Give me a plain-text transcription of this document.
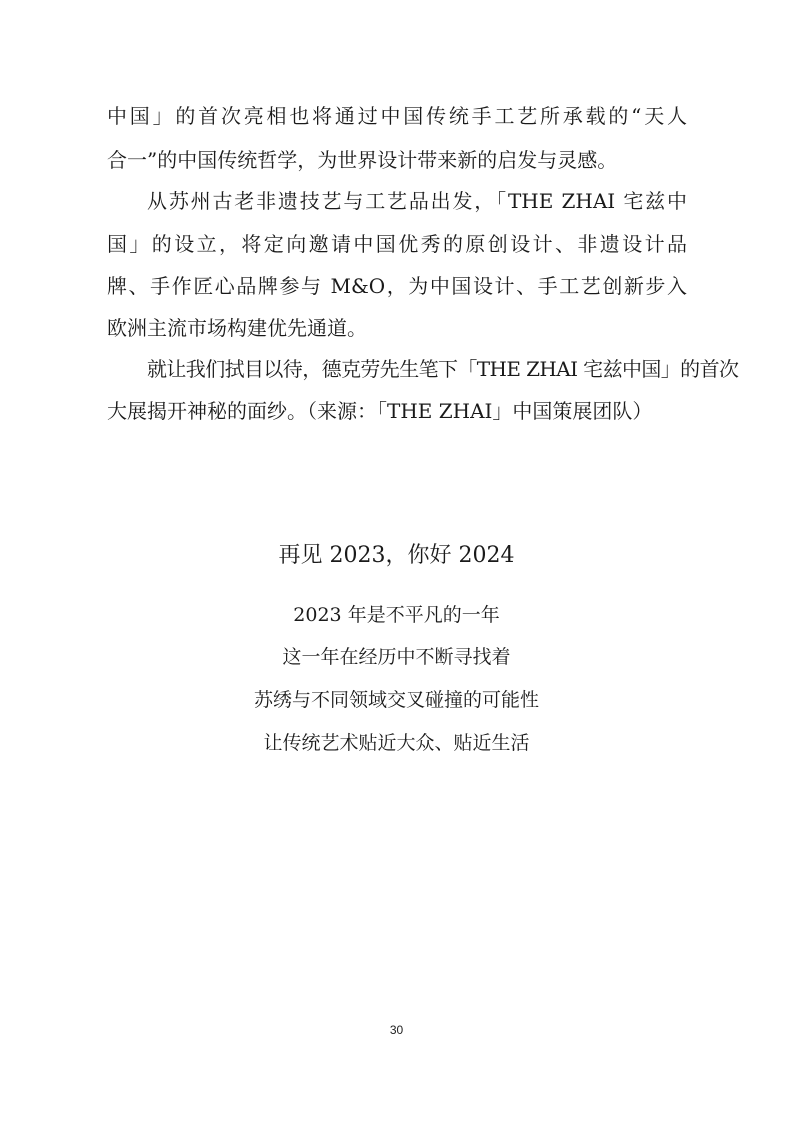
中国」的首次亮相也将通过中国传统手工艺所承载的“天人
合一”的中国传统哲学，为世界设计带来新的启发与灵感。
从苏州古老非遗技艺与工艺品出发，「THE ZHAI 宅兹中
国」的设立，将定向邀请中国优秀的原创设计、非遗设计品
牌、手作匠心品牌参与 M&O，为中国设计、手工艺创新步入
欧洲主流市场构建优先通道。
就让我们拭目以待，德克劳先生笔下「THE ZHAI 宅兹中国」的首次
大展揭开神秘的面纱。（来源：「THE ZHAI」中国策展团队）
再见 2023，你好 2024
2023 年是不平凡的一年
这一年在经历中不断寻找着
苏绣与不同领域交叉碰撞的可能性
让传统艺术贴近大众、贴近生活
30
